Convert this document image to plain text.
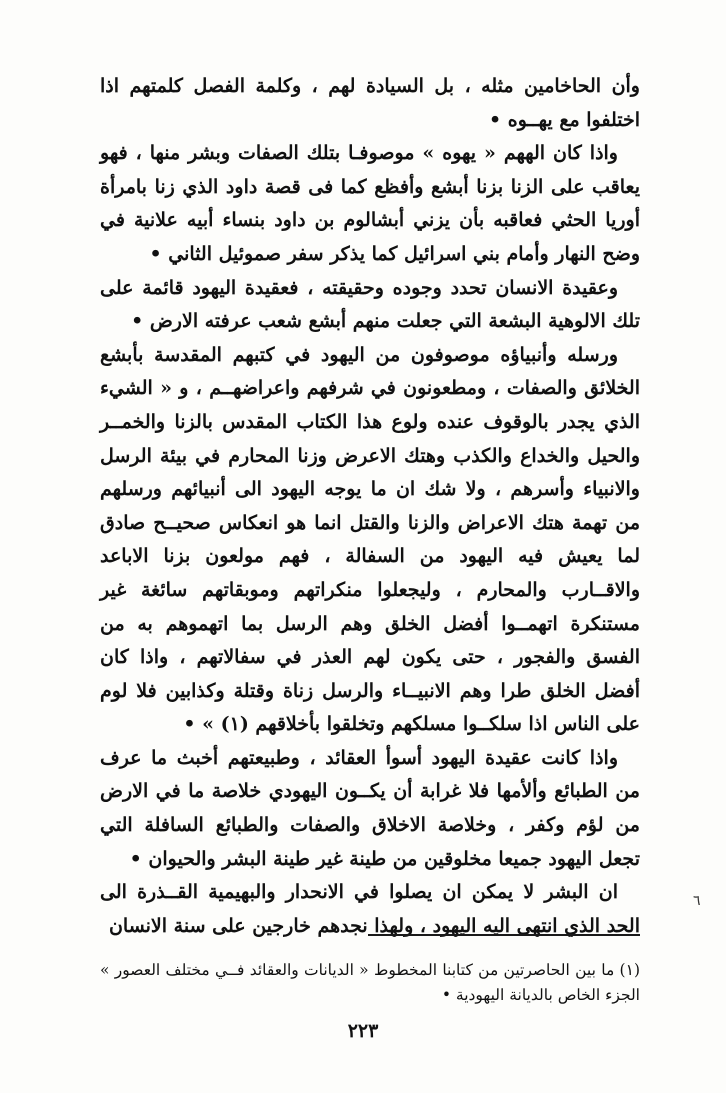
وأن الحاخامين مثله ، بل السيادة لهم ، وكلمة الفصل كلمتهم اذا اختلفوا مع يهــوه •

واذا كان الههم « يهوه » موصوفـا بتلك الصفات وبشر منها ، فهو يعاقب على الزنا بزنا أبشع وأفظع كما فى قصة داود الذي زنا بامرأة أوريا الحثي فعاقبه بأن يزني أبشالوم بن داود بنساء أبيه علانية في وضح النهار وأمام بني اسرائيل كما يذكر سفر صموئيل الثاني •

وعقيدة الانسان تحدد وجوده وحقيقته ، فعقيدة اليهود قائمة على تلك الالوهية البشعة التي جعلت منهم أبشع شعب عرفته الارض •

ورسله وأنبياؤه موصوفون من اليهود في كتبهم المقدسة بأبشع الخلائق والصفات ، ومطعونون في شرفهم واعراضهــم ، و « الشيء الذي يجدر بالوقوف عنده ولوع هذا الكتاب المقدس بالزنا والخمــر والحيل والخداع والكذب وهتك الاعرض وزنا المحارم في بيئة الرسل والانبياء وأسرهم ، ولا شك ان ما يوجه اليهود الى أنبيائهم ورسلهم من تهمة هتك الاعراض والزنا والقتل انما هو انعكاس صحيــح صادق لما يعيش فيه اليهود من السفالة ، فهم مولعون بزنا الاباعد والاقــارب والمحارم ، وليجعلوا منكراتهم وموبقاتهم سائغة غير مستنكرة اتهمــوا أفضل الخلق وهم الرسل بما اتهموهم به من الفسق والفجور ، حتى يكون لهم العذر في سفالاتهم ، واذا كان أفضل الخلق طرا وهم الانبيــاء والرسل زناة وقتلة وكذابين فلا لوم على الناس اذا سلكــوا مسلكهم وتخلقوا بأخلاقهم (١) » •

واذا كانت عقيدة اليهود أسوأ العقائد ، وطبيعتهم أخبث ما عرف من الطبائع وألأمها فلا غرابة أن يكــون اليهودي خلاصة ما في الارض من لؤم وكفر ، وخلاصة الاخلاق والصفات والطبائع السافلة التي تجعل اليهود جميعا مخلوقين من طينة غير طينة البشر والحيوان •

ان البشر لا يمكن ان يصلوا في الانحدار والبهيمية القــذرة الى الحد الذي انتهى اليه اليهود ، ولهذا نجدهم خارجين على سنة الانسان

٦

(١) ما بين الحاصرتين من كتابنا المخطوط « الديانات والعقائد فــي مختلف العصور » الجزء الخاص بالديانة اليهودية •

٢٢٣
